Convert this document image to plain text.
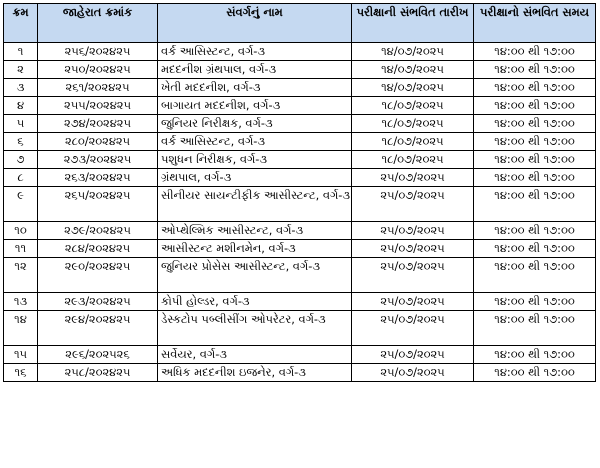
ક્રમ	જાહેરાત ક્રમાંક	સંવર્ગનું નામ	પરીક્ષાની સંભવિત તારીખ	પરીક્ષાનો સંભવિત સમય
૧	૨૫૬/૨૦૨૪૨૫	વર્ક આસિસ્ટન્ટ, વર્ગ-૩	૧૪/૦૭/૨૦૨૫	૧૪:૦૦ થી ૧૭:૦૦
૨	૨૫૦/૨૦૨૪૨૫	મદદનીશ ગ્રંથપાલ, વર્ગ-૩	૧૪/૦૭/૨૦૨૫	૧૪:૦૦ થી ૧૭:૦૦
૩	૨૬૧/૨૦૨૪૨૫	ખેતી મદદનીશ, વર્ગ-૩	૧૪/૦૭/૨૦૨૫	૧૪:૦૦ થી ૧૭:૦૦
૪	૨૫૫/૨૦૨૪૨૫	બાગાયત મદદનીશ, વર્ગ-૩	૧૮/૦૭/૨૦૨૫	૧૪:૦૦ થી ૧૭:૦૦
૫	૨૭૪/૨૦૨૪૨૫	જુનિયર નિરીક્ષક, વર્ગ-૩	૧૮/૦૭/૨૦૨૫	૧૪:૦૦ થી ૧૭:૦૦
૬	૨૮૦/૨૦૨૪૨૫	વર્ક આસિસ્ટન્ટ, વર્ગ-૩	૧૮/૦૭/૨૦૨૫	૧૪:૦૦ થી ૧૭:૦૦
૭	૨૭૩/૨૦૨૪૨૫	પશુધન નિરીક્ષક, વર્ગ-૩	૧૮/૦૭/૨૦૨૫	૧૪:૦૦ થી ૧૭:૦૦
૮	૨૬૩/૨૦૨૪૨૫	ગ્રંથપાલ, વર્ગ-૩	૨૫/૦૭/૨૦૨૫	૧૪:૦૦ થી ૧૭:૦૦
૯	૨૬૫/૨૦૨૪૨૫	સીનીયર સાયન્ટીફીક આસીસ્ટન્ટ, વર્ગ-૩	૨૫/૦૭/૨૦૨૫	૧૪:૦૦ થી ૧૭:૦૦
૧૦	૨૭૯/૨૦૨૪૨૫	ઓપ્થેલ્મિક આસીસ્ટન્ટ, વર્ગ-૩	૨૫/૦૭/૨૦૨૫	૧૪:૦૦ થી ૧૭:૦૦
૧૧	૨૮૪/૨૦૨૪૨૫	આસીસ્ટન્ટ મશીનમેન, વર્ગ-૩	૨૫/૦૭/૨૦૨૫	૧૪:૦૦ થી ૧૭:૦૦
૧૨	૨૯૦/૨૦૨૪૨૫	જુનિયર પ્રોસેસ આસીસ્ટન્ટ, વર્ગ-૩	૨૫/૦૭/૨૦૨૫	૧૪:૦૦ થી ૧૭:૦૦
૧૩	૨૯૩/૨૦૨૪૨૫	કોપી હોલ્ડર, વર્ગ-૩	૨૫/૦૭/૨૦૨૫	૧૪:૦૦ થી ૧૭:૦૦
૧૪	૨૯૪/૨૦૨૪૨૫	ડેસ્કટોપ પબ્લીસીંગ ઓપરેટર, વર્ગ-૩	૨૫/૦૭/૨૦૨૫	૧૪:૦૦ થી ૧૭:૦૦
૧૫	૨૯૬/૨૦૨૫૨૬	સર્વેયર, વર્ગ-૩	૨૫/૦૭/૨૦૨૫	૧૪:૦૦ થી ૧૭:૦૦
૧૬	૨૫૮/૨૦૨૪૨૫	અધિક મદદનીશ ઇજનેર, વર્ગ-૩	૨૫/૦૭/૨૦૨૫	૧૪:૦૦ થી ૧૭:૦૦
